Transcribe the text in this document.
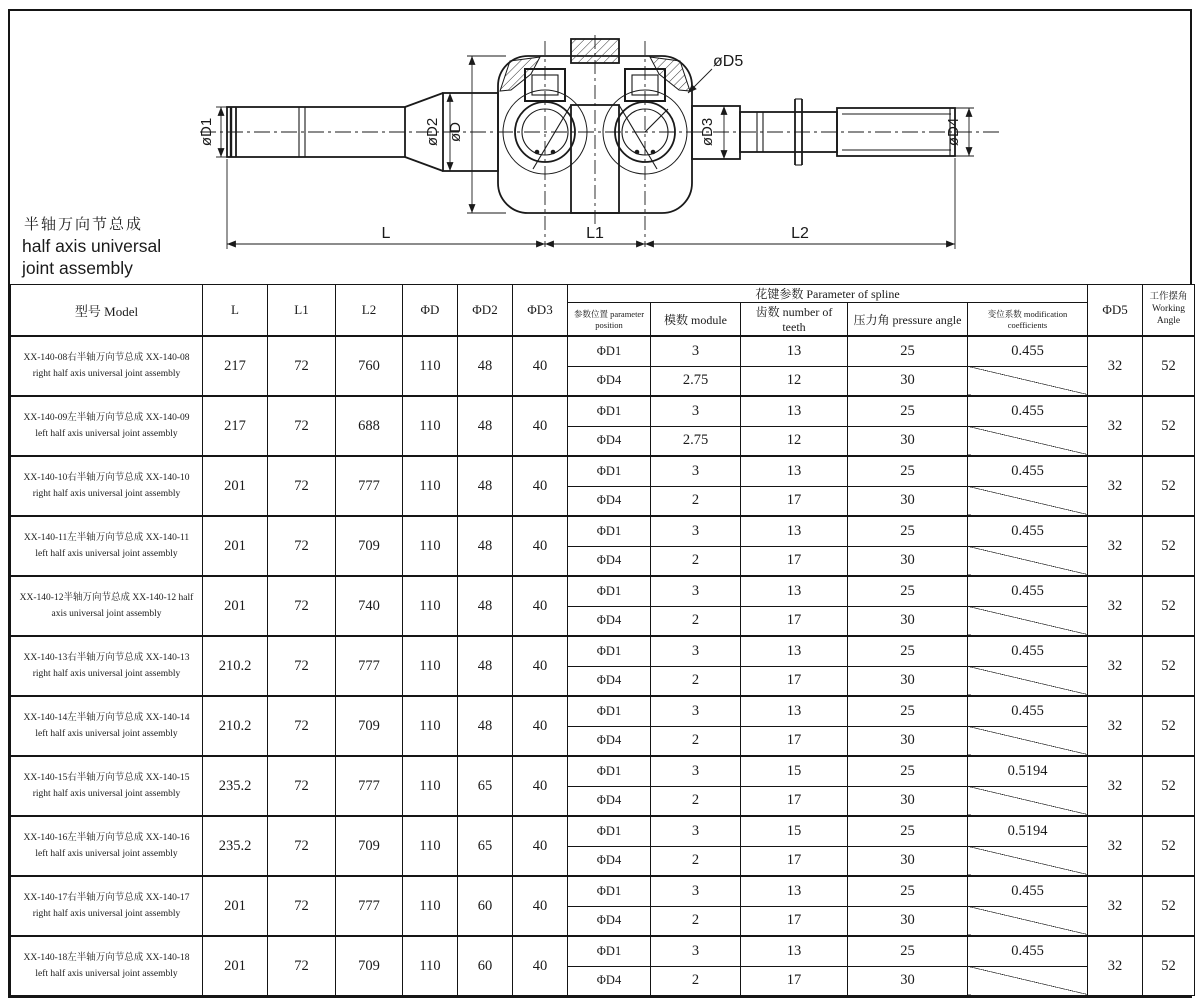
øD1	øD2 øD	øD3	øD4
øD5
L	L1	L2
半轴万向节总成
half axis universal
joint assembly
型号 Model	L	L1	L2	ΦD	ΦD2	ΦD3	花键参数 Parameter of spline					ΦD5	工作摆角
Working Angle
							参数位置 parameter position	模数 module	齿数 number of teeth	压力角 pressure angle	变位系数 modification coefficients		
XX-140-08右半轴万向节总成 XX-140-08 right half axis universal joint assembly	217	72	760	110	48	40	ΦD1	3	13	25	0.455	32	52
							ΦD4	2.75	12	30			
XX-140-09左半轴万向节总成 XX-140-09 left half axis universal joint assembly	217	72	688	110	48	40	ΦD1	3	13	25	0.455	32	52
							ΦD4	2.75	12	30			
XX-140-10右半轴万向节总成 XX-140-10 right half axis universal joint assembly	201	72	777	110	48	40	ΦD1	3	13	25	0.455	32	52
							ΦD4	2	17	30			
XX-140-11左半轴万向节总成 XX-140-11 left half axis universal joint assembly	201	72	709	110	48	40	ΦD1	3	13	25	0.455	32	52
							ΦD4	2	17	30			
XX-140-12半轴万向节总成 XX-140-12 half axis universal joint assembly	201	72	740	110	48	40	ΦD1	3	13	25	0.455	32	52
							ΦD4	2	17	30			
XX-140-13右半轴万向节总成 XX-140-13 right half axis universal joint assembly	210.2	72	777	110	48	40	ΦD1	3	13	25	0.455	32	52
							ΦD4	2	17	30			
XX-140-14左半轴万向节总成 XX-140-14 left half axis universal joint assembly	210.2	72	709	110	48	40	ΦD1	3	13	25	0.455	32	52
							ΦD4	2	17	30			
XX-140-15右半轴万向节总成 XX-140-15 right half axis universal joint assembly	235.2	72	777	110	65	40	ΦD1	3	15	25	0.5194	32	52
							ΦD4	2	17	30			
XX-140-16左半轴万向节总成 XX-140-16 left half axis universal joint assembly	235.2	72	709	110	65	40	ΦD1	3	15	25	0.5194	32	52
							ΦD4	2	17	30			
XX-140-17右半轴万向节总成 XX-140-17 right half axis universal joint assembly	201	72	777	110	60	40	ΦD1	3	13	25	0.455	32	52
							ΦD4	2	17	30			
XX-140-18左半轴万向节总成 XX-140-18 left half axis universal joint assembly	201	72	709	110	60	40	ΦD1	3	13	25	0.455	32	52
							ΦD4	2	17	30			
